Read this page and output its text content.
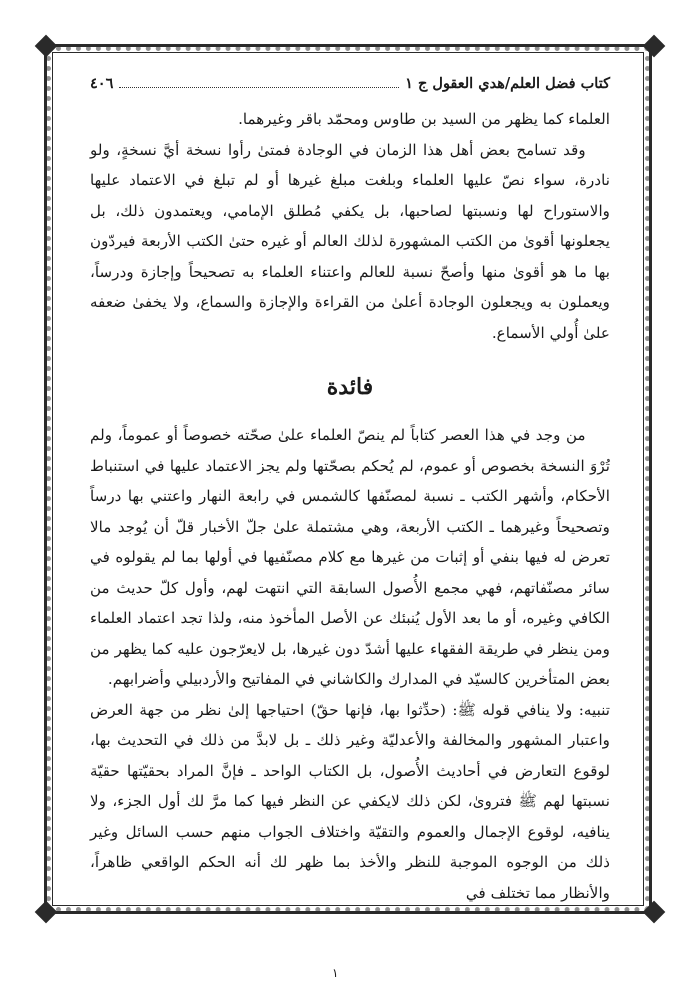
كتاب فضل العلم/هدي العقول ج ١
٤٠٦

العلماء كما يظهر من السيد بن طاوس ومحمّد باقر وغيرهما.

وقد تسامح بعض أهل هذا الزمان في الوجادة فمتىٰ رأوا نسخة أيَّ نسخةٍ، ولو نادرة، سواء نصّ عليها العلماء وبلغت مبلغ غيرها أو لم تبلغ في الاعتماد عليها والاستوراح لها ونسبتها لصاحبها، بل يكفي مُطلق الإمامي، ويعتمدون ذلك، بل يجعلونها أقوىٰ من الكتب المشهورة لذلك العالم أو غيره حتىٰ الكتب الأربعة فيردّون بها ما هو أقوىٰ منها وأصحّ نسبة للعالم واعتناء العلماء به تصحيحاً وإجازة ودرساً، ويعملون به ويجعلون الوجادة أعلىٰ من القراءة والإجازة والسماع، ولا يخفىٰ ضعفه علىٰ أُولي الأسماع.

فائدة

من وجد في هذا العصر كتاباً لم ينصّ العلماء علىٰ صحّته خصوصاً أو عموماً، ولم تُرْوَ النسخة بخصوص أو عموم، لم يُحكم بصحّتها ولم يجز الاعتماد عليها في استنباط الأحكام، وأشهر الكتب ـ نسبة لمصنّفها كالشمس في رابعة النهار واعتني بها درساً وتصحيحاً وغيرهما ـ الكتب الأربعة، وهي مشتملة علىٰ جلّ الأخبار قلّ أن يُوجد مالا تعرض له فيها بنفي أو إثبات من غيرها مع كلام مصنّفيها في أولها بما لم يقولوه في سائر مصنّفاتهم، فهي مجمع الأُصول السابقة التي انتهت لهم، وأول كلّ حديث من الكافي وغيره، أو ما بعد الأول يُنبئك عن الأصل المأخوذ منه، ولذا تجد اعتماد العلماء ومن ينظر في طريقة الفقهاء عليها أشدّ دون غيرها، بل لايعرّجون عليه كما يظهر من بعض المتأخرين كالسيّد في المدارك والكاشاني في المفاتيح والأردبيلي وأضرابهم.

تنبيه: ولا ينافي قوله ﷺ: (حدِّثوا بها، فإنها حقّ) احتياجها إلىٰ نظر من جهة العرض واعتبار المشهور والمخالفة والأعدليّة وغير ذلك ـ بل لابدَّ من ذلك في التحديث بها، لوقوع التعارض في أحاديث الأُصول، بل الكتاب الواحد ـ فإنَّ المراد بحقيّتها حقيّة نسبتها لهم ﷺ فتروىٰ، لكن ذلك لايكفي عن النظر فيها كما مرَّ لك أول الجزء، ولا ينافيه، لوقوع الإجمال والعموم والتقيّة واختلاف الجواب منهم حسب السائل وغير ذلك من الوجوه الموجبة للنظر والأخذ بما ظهر لك أنه الحكم الواقعي ظاهراً، والأنظار مما تختلف في

١
